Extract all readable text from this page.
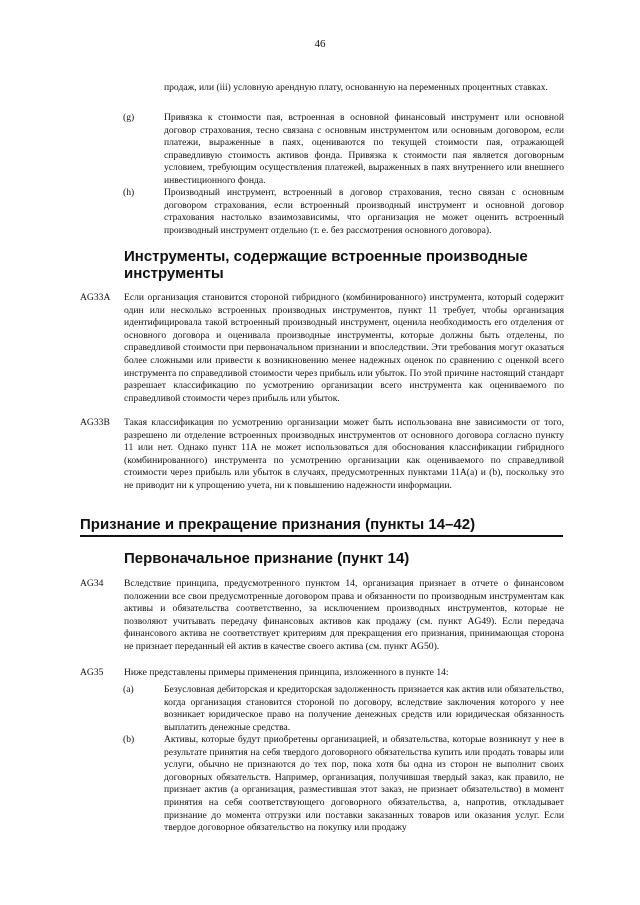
46
продаж, или (iii) условную арендную плату, основанную на переменных процентных ставках.
(g)	Привязка к стоимости пая, встроенная в основной финансовый инструмент или основной договор страхования, тесно связана с основным инструментом или основным договором, если платежи, выраженные в паях, оцениваются по текущей стоимости пая, отражающей справедливую стоимость активов фонда. Привязка к стоимости пая является договорным условием, требующим осуществления платежей, выраженных в паях внутреннего или внешнего инвестиционного фонда.
(h)	Производный инструмент, встроенный в договор страхования, тесно связан с основным договором страхования, если встроенный производный инструмент и основной договор страхования настолько взаимозависимы, что организация не может оценить встроенный производный инструмент отдельно (т. е. без рассмотрения основного договора).
Инструменты, содержащие встроенные производные инструменты
AG33A Если организация становится стороной гибридного (комбинированного) инструмента, который содержит один или несколько встроенных производных инструментов, пункт 11 требует, чтобы организация идентифицировала такой встроенный производный инструмент, оценила необходимость его отделения от основного договора и оценивала производные инструменты, которые должны быть отделены, по справедливой стоимости при первоначальном признании и впоследствии. Эти требования могут оказаться более сложными или привести к возникновению менее надежных оценок по сравнению с оценкой всего инструмента по справедливой стоимости через прибыль или убыток. По этой причине настоящий стандарт разрешает классификацию по усмотрению организации всего инструмента как оцениваемого по справедливой стоимости через прибыль или убыток.
AG33B Такая классификация по усмотрению организации может быть использована вне зависимости от того, разрешено ли отделение встроенных производных инструментов от основного договора согласно пункту 11 или нет. Однако пункт 11A не может использоваться для обоснования классификации гибридного (комбинированного) инструмента по усмотрению организации как оцениваемого по справедливой стоимости через прибыль или убыток в случаях, предусмотренных пунктами 11A(a) и (b), поскольку это не приводит ни к упрощению учета, ни к повышению надежности информации.
Признание и прекращение признания (пункты 14–42)
Первоначальное признание (пункт 14)
AG34 Вследствие принципа, предусмотренного пунктом 14, организация признает в отчете о финансовом положении все свои предусмотренные договором права и обязанности по производным инструментам как активы и обязательства соответственно, за исключением производных инструментов, которые не позволяют учитывать передачу финансовых активов как продажу (см. пункт AG49). Если передача финансового актива не соответствует критериям для прекращения его признания, принимающая сторона не признает переданный ей актив в качестве своего актива (см. пункт AG50).
AG35 Ниже представлены примеры применения принципа, изложенного в пункте 14:
(a)	Безусловная дебиторская и кредиторская задолженность признается как актив или обязательство, когда организация становится стороной по договору, вследствие заключения которого у нее возникает юридическое право на получение денежных средств или юридическая обязанность выплатить денежные средства.
(b)	Активы, которые будут приобретены организацией, и обязательства, которые возникнут у нее в результате принятия на себя твердого договорного обязательства купить или продать товары или услуги, обычно не признаются до тех пор, пока хотя бы одна из сторон не выполнит своих договорных обязательств. Например, организация, получившая твердый заказ, как правило, не признает актив (а организация, разместившая этот заказ, не признает обязательство) в момент принятия на себя соответствующего договорного обязательства, а, напротив, откладывает признание до момента отгрузки или поставки заказанных товаров или оказания услуг. Если твердое договорное обязательство на покупку или продажу
